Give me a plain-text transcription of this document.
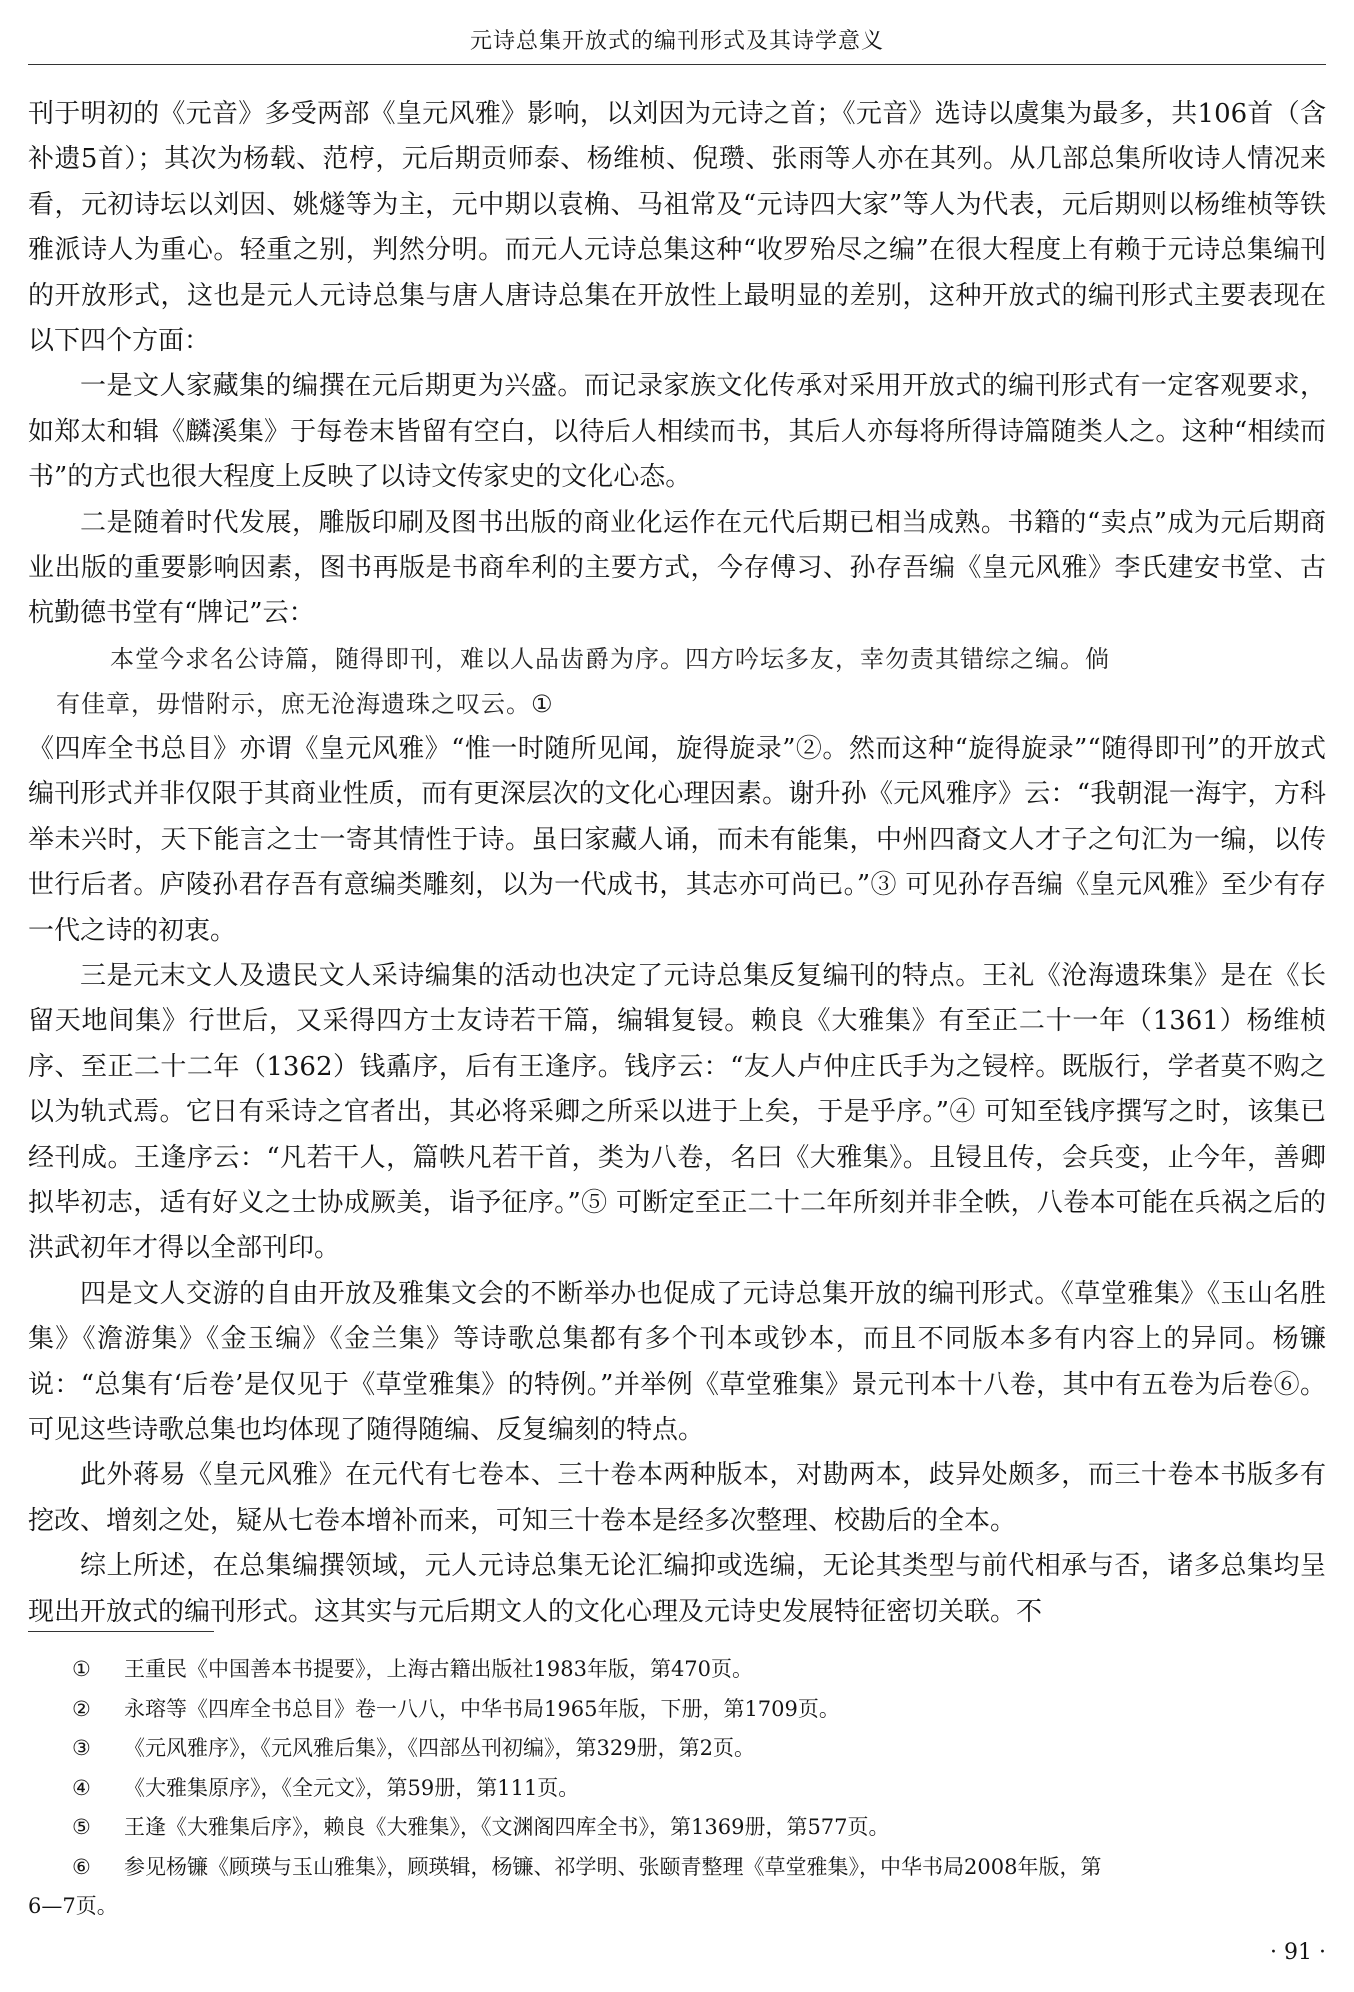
元诗总集开放式的编刊形式及其诗学意义

刊于明初的《元音》多受两部《皇元风雅》影响，以刘因为元诗之首；《元音》选诗以虞集为最多，共106首（含补遗5首）；其次为杨载、范梈，元后期贡师泰、杨维桢、倪瓒、张雨等人亦在其列。从几部总集所收诗人情况来看，元初诗坛以刘因、姚燧等为主，元中期以袁桷、马祖常及“元诗四大家”等人为代表，元后期则以杨维桢等铁雅派诗人为重心。轻重之别，判然分明。而元人元诗总集这种“收罗殆尽之编”在很大程度上有赖于元诗总集编刊的开放形式，这也是元人元诗总集与唐人唐诗总集在开放性上最明显的差别，这种开放式的编刊形式主要表现在以下四个方面：

一是文人家藏集的编撰在元后期更为兴盛。而记录家族文化传承对采用开放式的编刊形式有一定客观要求，如郑太和辑《麟溪集》于每卷末皆留有空白，以待后人相续而书，其后人亦每将所得诗篇随类人之。这种“相续而书”的方式也很大程度上反映了以诗文传家史的文化心态。

二是随着时代发展，雕版印刷及图书出版的商业化运作在元代后期已相当成熟。书籍的“卖点”成为元后期商业出版的重要影响因素，图书再版是书商牟利的主要方式，今存傅习、孙存吾编《皇元风雅》李氏建安书堂、古杭勤德书堂有“牌记”云：

本堂今求名公诗篇，随得即刊，难以人品齿爵为序。四方吟坛多友，幸勿责其错综之编。倘

有佳章，毋惜附示，庶无沧海遗珠之叹云。①

《四库全书总目》亦谓《皇元风雅》“惟一时随所见闻，旋得旋录”②。然而这种“旋得旋录”“随得即刊”的开放式编刊形式并非仅限于其商业性质，而有更深层次的文化心理因素。谢升孙《元风雅序》云：“我朝混一海宇，方科举未兴时，天下能言之士一寄其情性于诗。虽曰家藏人诵，而未有能集，中州四裔文人才子之句汇为一编，以传世行后者。庐陵孙君存吾有意编类雕刻，以为一代成书，其志亦可尚已。”③ 可见孙存吾编《皇元风雅》至少有存一代之诗的初衷。

三是元末文人及遗民文人采诗编集的活动也决定了元诗总集反复编刊的特点。王礼《沧海遗珠集》是在《长留天地间集》行世后，又采得四方士友诗若干篇，编辑复锓。赖良《大雅集》有至正二十一年（1361）杨维桢序、至正二十二年（1362）钱鼒序，后有王逢序。钱序云：“友人卢仲庄氏手为之锓梓。既版行，学者莫不购之以为轨式焉。它日有采诗之官者出，其必将采卿之所采以进于上矣，于是乎序。”④ 可知至钱序撰写之时，该集已经刊成。王逢序云：“凡若干人，篇帙凡若干首，类为八卷，名曰《大雅集》。且锓且传，会兵变，止今年，善卿拟毕初志，适有好义之士协成厥美，诣予征序。”⑤ 可断定至正二十二年所刻并非全帙，八卷本可能在兵祸之后的洪武初年才得以全部刊印。

四是文人交游的自由开放及雅集文会的不断举办也促成了元诗总集开放的编刊形式。《草堂雅集》《玉山名胜集》《澹游集》《金玉编》《金兰集》等诗歌总集都有多个刊本或钞本，而且不同版本多有内容上的异同。杨镰说：“总集有‘后卷’是仅见于《草堂雅集》的特例。”并举例《草堂雅集》景元刊本十八卷，其中有五卷为后卷⑥。可见这些诗歌总集也均体现了随得随编、反复编刻的特点。

此外蒋易《皇元风雅》在元代有七卷本、三十卷本两种版本，对勘两本，歧异处颇多，而三十卷本书版多有挖改、增刻之处，疑从七卷本增补而来，可知三十卷本是经多次整理、校勘后的全本。

综上所述，在总集编撰领域，元人元诗总集无论汇编抑或选编，无论其类型与前代相承与否，诸多总集均呈现出开放式的编刊形式。这其实与元后期文人的文化心理及元诗史发展特征密切关联。不

① 王重民《中国善本书提要》，上海古籍出版社1983年版，第470页。

② 永瑢等《四库全书总目》卷一八八，中华书局1965年版，下册，第1709页。

③ 《元风雅序》，《元风雅后集》，《四部丛刊初编》，第329册，第2页。

④ 《大雅集原序》，《全元文》，第59册，第111页。

⑤ 王逢《大雅集后序》，赖良《大雅集》，《文渊阁四库全书》，第1369册，第577页。

⑥ 参见杨镰《顾瑛与玉山雅集》，顾瑛辑，杨镰、祁学明、张颐青整理《草堂雅集》，中华书局2008年版，第

6—7页。

· 91 ·
